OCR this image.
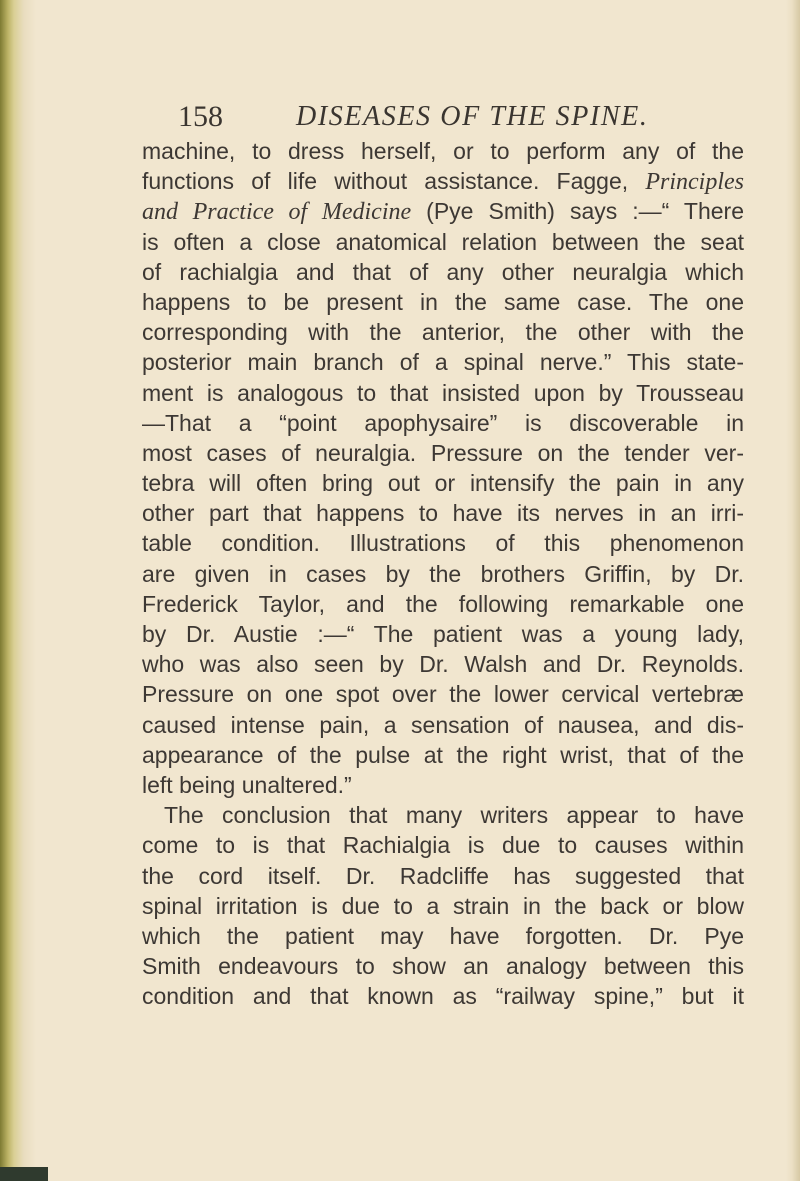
158	DISEASES OF THE SPINE.
machine, to dress herself, or to perform any of the
functions of life without assistance. Fagge, Principles
and Practice of Medicine (Pye Smith) says :—“ There
is often a close anatomical relation between the seat
of rachialgia and that of any other neuralgia which
happens to be present in the same case. The one
corresponding with the anterior, the other with the
posterior main branch of a spinal nerve.” This state-
ment is analogous to that insisted upon by Trousseau
—That a “point apophysaire” is discoverable in
most cases of neuralgia. Pressure on the tender ver-
tebra will often bring out or intensify the pain in any
other part that happens to have its nerves in an irri-
table condition. Illustrations of this phenomenon
are given in cases by the brothers Griffin, by Dr.
Frederick Taylor, and the following remarkable one
by Dr. Austie :—“ The patient was a young lady,
who was also seen by Dr. Walsh and Dr. Reynolds.
Pressure on one spot over the lower cervical vertebræ
caused intense pain, a sensation of nausea, and dis-
appearance of the pulse at the right wrist, that of the
left being unaltered.”
The conclusion that many writers appear to have
come to is that Rachialgia is due to causes within
the cord itself. Dr. Radcliffe has suggested that
spinal irritation is due to a strain in the back or blow
which the patient may have forgotten. Dr. Pye
Smith endeavours to show an analogy between this
condition and that known as “railway spine,” but it
